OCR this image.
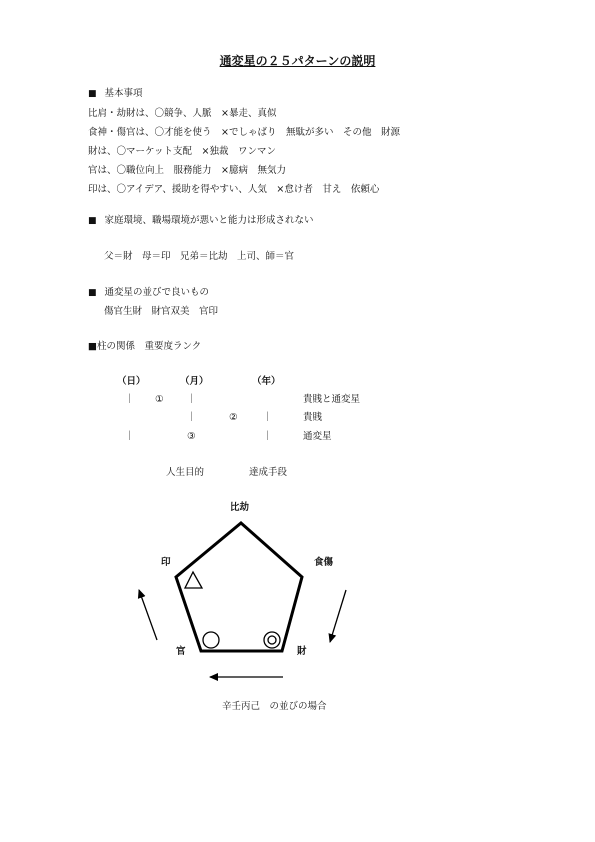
通変星の２５パターンの説明
■ 基本事項
比肩・劫財は、〇競争、人脈　×暴走、真似
食神・傷官は、〇才能を使う　×でしゃばり　無駄が多い　その他　財源
財は、〇マーケット支配　×独裁　ワンマン
官は、〇職位向上　服務能力　×臆病　無気力
印は、〇アイデア、援助を得やすい、人気　×怠け者　甘え　依頼心
■ 家庭環境、職場環境が悪いと能力は形成されない
父＝財　母＝印　兄弟＝比劫　上司、師＝官
■ 通変星の並びで良いもの
傷官生財　財官双美　官印
■柱の関係　重要度ランク
（日）	（月）	（年）
｜ ① ｜	貴賎と通変星
｜	②	｜	貴賎
｜	③	｜	通変星
人生目的	達成手段
比劫
食傷
印
官	財
辛壬丙己　の並びの場合
